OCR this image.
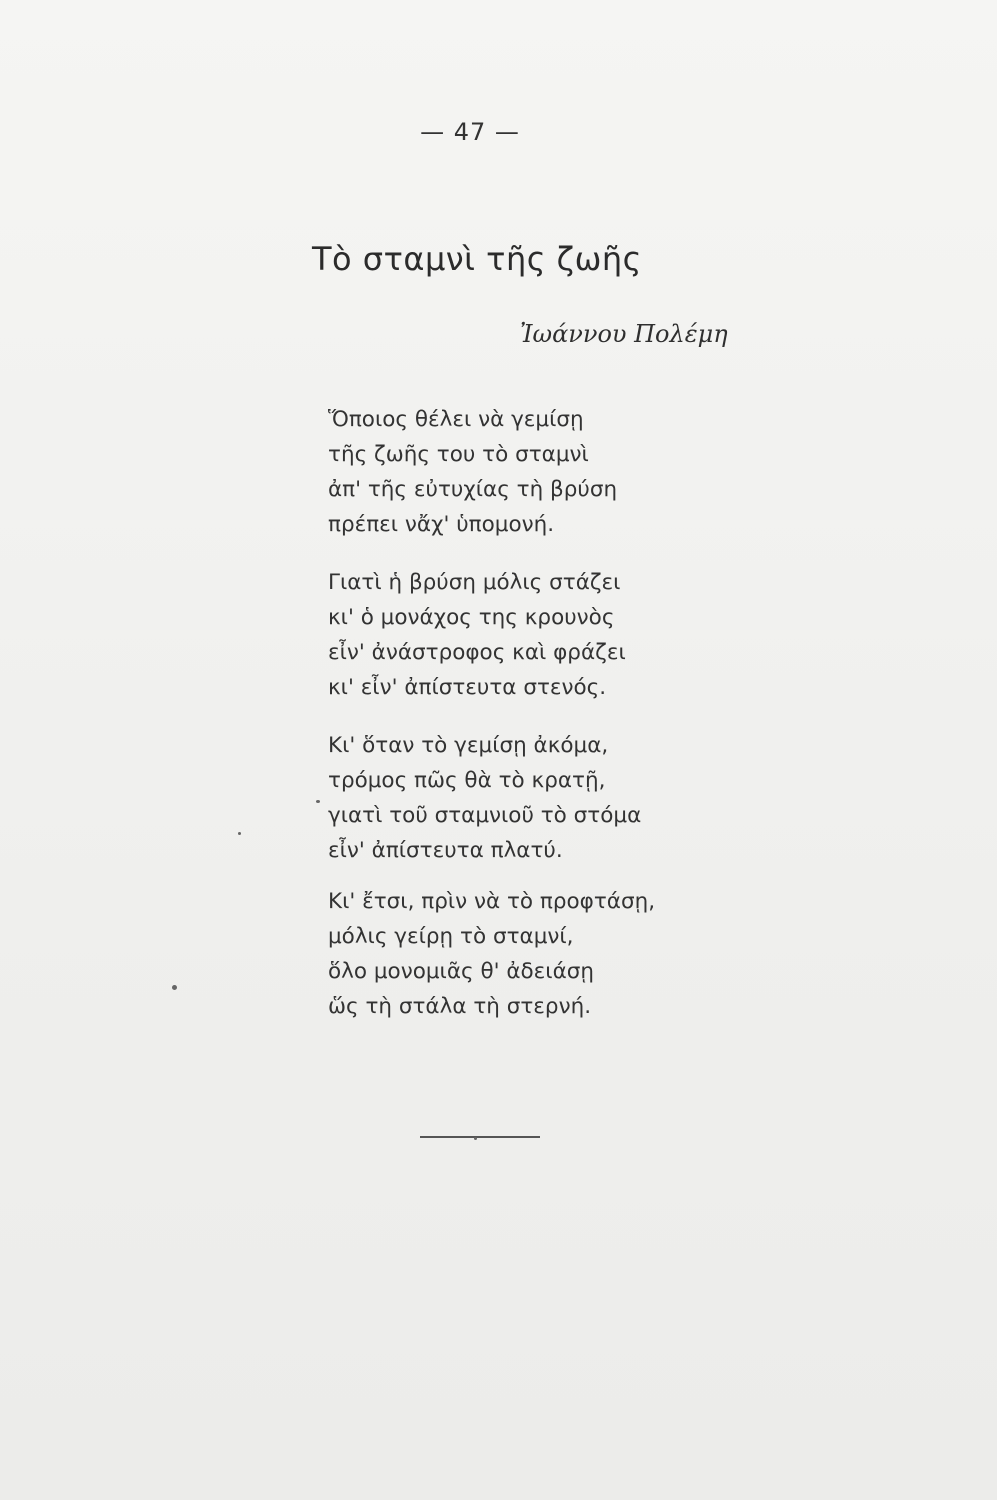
— 47 —
Τὸ σταμνὶ τῆς ζωῆς
Ἰωάννου Πολέμη
Ὅποιος θέλει νὰ γεμίσῃ
τῆς ζωῆς του τὸ σταμνὶ
ἀπ' τῆς εὐτυχίας τὴ βρύση
πρέπει νἄχ' ὑπομονή.
Γιατὶ ἡ βρύση μόλις στάζει
κι' ὁ μονάχος της κρουνὸς
εἶν' ἀνάστροφος καὶ φράζει
κι' εἶν' ἀπίστευτα στενός.
Κι' ὅταν τὸ γεμίσῃ ἀκόμα,
τρόμος πῶς θὰ τὸ κρατῇ,
γιατὶ τοῦ σταμνιοῦ τὸ στόμα
εἶν' ἀπίστευτα πλατύ.
Κι' ἔτσι, πρὶν νὰ τὸ προφτάσῃ,
μόλις γείρῃ τὸ σταμνί,
ὅλο μονομιᾶς θ' ἀδειάσῃ
ὥς τὴ στάλα τὴ στερνή.
